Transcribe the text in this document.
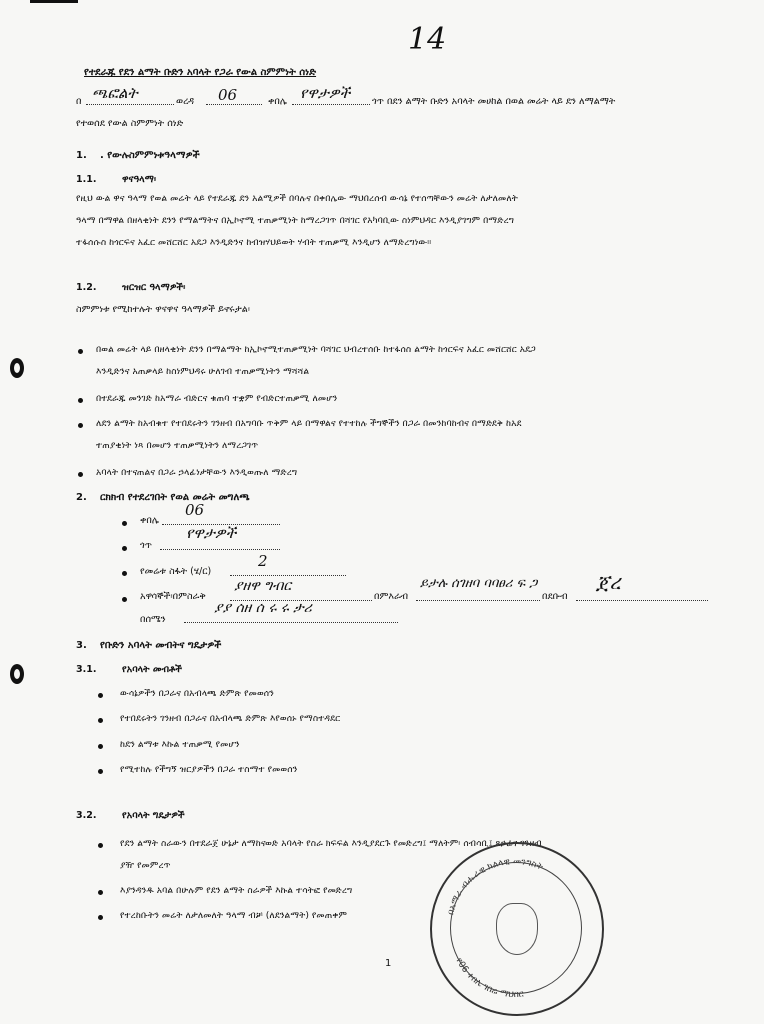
14
የተደራጁ የደን ልማት ቡድን አባላት የጋራ የውል ስምምነት ሰነድ
በ ጫፎልት	ወረዳ 06	ቀበሌ የዋታዎች ጎጥ በደን ልማት ቡድን አባላት መሀከል በወል መሬት ላይ ደን ለማልማት
የተወሰደ የውል ስምምነት ሰነድ
1. . የውሉስምምነቱዓላማዎች
1.1.	ዋናዓላማ፡
የዚህ ውል ዋና ዓላማ የወል መሬት ላይ የተደራጁ ደን አልሚዎች በባሉና በቀበሌው ማህበረሰብ ውሳኔ የተሰጣቸውን መሬት ለታለመለት
ዓላማ በማዋል በዘላቂነት ደንን የማልማትና በኢኮኖሚ ተጠቃሚነት ከማረጋገጥ በሻገር የአካባቢው ስነምህዳር እንዲያገግም በማድረግ
ተፋሰሱስ ከጎርፍና አፈር መሸርሸር አደጋ እንዲድንና ከብዝሃህይወት ሃብት ተጠቃሚ እንዲሆን ለማድረግነው።
1.2.	ዝርዝር ዓላማዎች፡
ስምምነቱ የሚከተሉት ዋናዋና ዓላማዎች ይኖሩታል፡
በወል መሬት ላይ በዘላቂነት ደንን በማልማት ከኢኮኖሚተጠቃሚነት ባሻገር ህብረተሰቡ ከተፋሰስ ልማት ከጎርፍና አፈር መሸርሸር አደጋ
እንዲድንና አጠቃላይ ከስነምህዳሩ ሁለገብ ተጠቃሚነትን ማሻሻል
በተደራጁ መንገድ ከአማራ ብድርና ቁጠባ ተቋም የብድርተጠቃሚ ለመሆን
ለደን ልማት ከአብቁተ የተበደሩትን ገንዘብ በአግባቡ ጥቅም ላይ በማዋልና የተተከሉ ችግኞችን በጋራ በመንከባከብና በማድደቅ ከአደ
ተጠያቂነት ነጻ በመሆን ተጠቃሚነትን ለማረጋገጥ
አባላት በተናጠልና በጋራ ኃላፊነታቸውን እንዲወጡለ ማድረግ
2. ርክክብ የተደረገበት የወል መሬት መግለጫ
ቀበሌ
06
ጎጥ
የዋታዎች
የመሬቱ ስፋት (ሄ/ር)
2
አዋሳኞች፡በምስራቅ
ያዘዋ ግብር
በምእራብ
ይታሉ ሰገዘባ ባባፀሪ ፍ ጋ
በደቡብ
ጀረ
በሰሜን
ያያ ሰዘ ሰ ሩ ሩ ታሪ
3. የቡድን አባላት መብትና ግዴታዎች
3.1.	የአባላት መብቶች
ውሳኔዎችን በጋራና በአብላጫ ድምጽ የመወሰን
የተበደሩትን ገንዘብ በጋራና በአብላጫ ድምጽ እየወሰኑ የማስተዳደር
ከደን ልማቱ እኩል ተጠቃሚ የመሆን
የሚተከሉ የችግኝ ዝርያዎችን በጋራ ተስማተ የመወሰን
3.2.	የአባላት ግዴታዎች
የደን ልማት ስራውን በተደራጀ ሁኔታ ለማከናወድ አባላት የስራ ክፍፍል እንዲያደርጉ የመድረግ፤ ማለትም፡ ሰብሳቢ፤ ጸኃፊና ገንዘብ
ያዥ የመምረጥ
እያንዳንዱ አባል በሁሉም የደን ልማት ስራዎች እኩል ተሳትፎ የመድረግ
የተረከቡትን መሬት ለታለመለት ዓላማ ብቻ (ለደንልማት) የመጠቀም	በአማራ ብሔራዊ ክልላዊ መንግስት
የ06 ቀበሌ ገበሬ ማህበር
1
